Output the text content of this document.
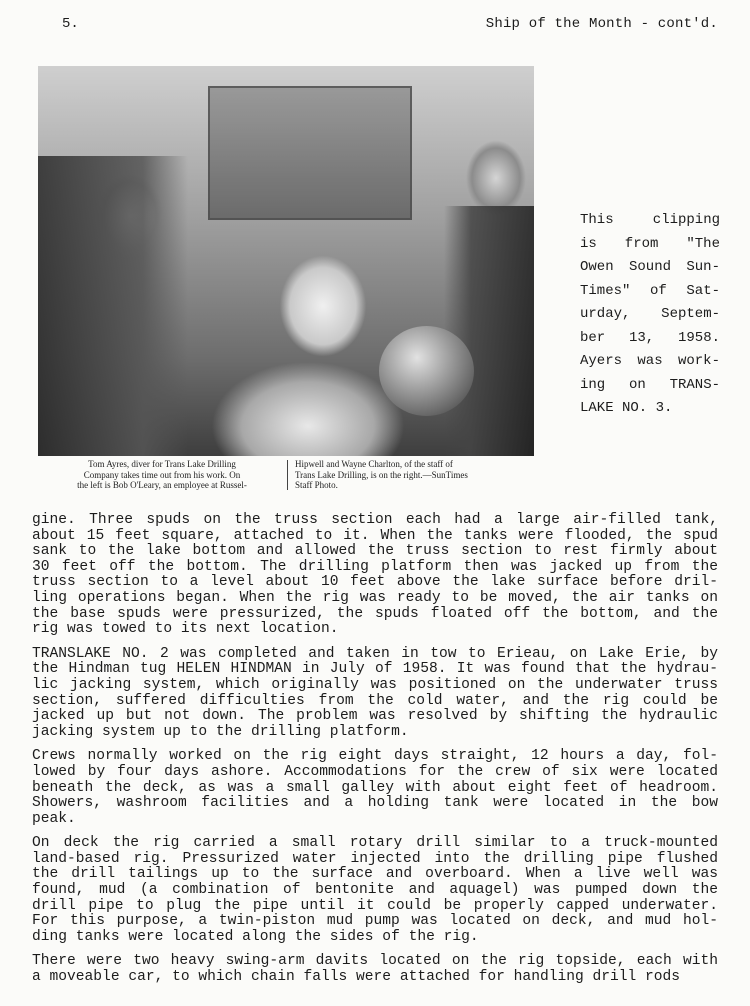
5.	Ship of the Month - cont'd.
Tom Ayres, diver for Trans Lake Drilling
Company takes time out from his work. On
the left is Bob O'Leary, an employee at Russel-
Hipwell and Wayne Charlton, of the staff of
Trans Lake Drilling, is on the right.—SunTimes
Staff Photo.
This clipping
is from "The
Owen Sound Sun-
Times" of Sat-
urday, Septem-
ber 13, 1958.
Ayers was work-
ing on TRANS-
LAKE NO. 3.

gine. Three spuds on the truss section each had a large air-filled tank,
about 15 feet square, attached to it. When the tanks were flooded, the spud
sank to the lake bottom and allowed the truss section to rest firmly about
30 feet off the bottom. The drilling platform then was jacked up from the
truss section to a level about 10 feet above the lake surface before dril-
ling operations began. When the rig was ready to be moved, the air tanks on
the base spuds were pressurized, the spuds floated off the bottom, and the
rig was towed to its next location.

TRANSLAKE NO. 2 was completed and taken in tow to Erieau, on Lake Erie, by
the Hindman tug HELEN HINDMAN in July of 1958. It was found that the hydrau-
lic jacking system, which originally was positioned on the underwater truss
section, suffered difficulties from the cold water, and the rig could be
jacked up but not down. The problem was resolved by shifting the hydraulic
jacking system up to the drilling platform.

Crews normally worked on the rig eight days straight, 12 hours a day, fol-
lowed by four days ashore. Accommodations for the crew of six were located
beneath the deck, as was a small galley with about eight feet of headroom.
Showers, washroom facilities and a holding tank were located in the bow
peak.

On deck the rig carried a small rotary drill similar to a truck-mounted
land-based rig. Pressurized water injected into the drilling pipe flushed
the drill tailings up to the surface and overboard. When a live well was
found, mud (a combination of bentonite and aquagel) was pumped down the
drill pipe to plug the pipe until it could be properly capped underwater.
For this purpose, a twin-piston mud pump was located on deck, and mud hol-
ding tanks were located along the sides of the rig.

There were two heavy swing-arm davits located on the rig topside, each with
a moveable car, to which chain falls were attached for handling drill rods
